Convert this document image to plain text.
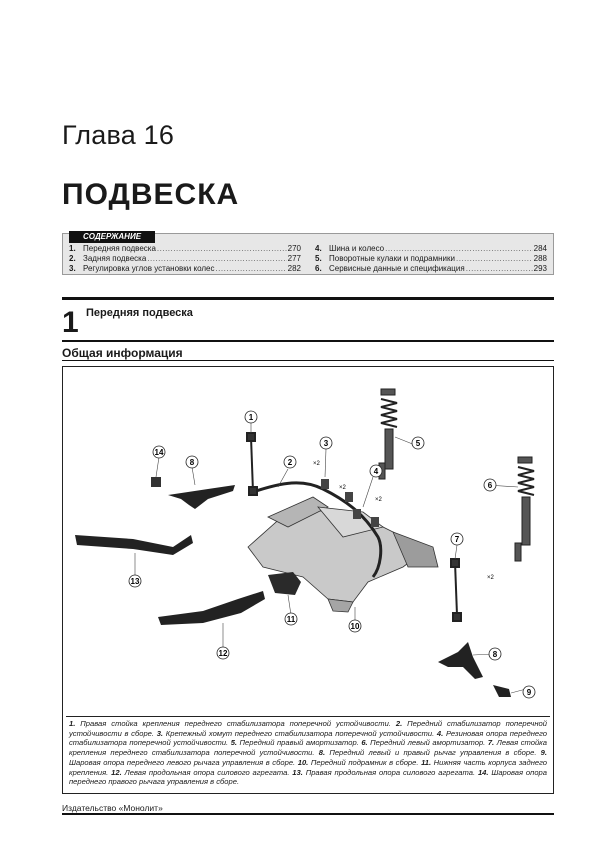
Глава 16
ПОДВЕСКА
СОДЕРЖАНИЕ
1. Передняя подвеска .....	270
2. Задняя подвеска .....	277
3. Регулировка углов установки колес .....	282
4. Шина и колесо .....	284
5. Поворотные кулаки и подрамники .....	288
6. Сервисные данные и спецификация .....	293
1 Передняя подвеска
Общая информация
1
2
3
4
5
6
7
8
8
9
10
11
12
13
14
×2
×2
×2
×2
1. Правая стойка крепления переднего стабилизатора поперечной устойчивости. 2. Передний стабилизатор поперечной устойчивости в сборе. 3. Крепежный хомут переднего стабилизатора поперечной устойчивости. 4. Резиновая опора переднего стабилизатора поперечной устойчивости. 5. Передний правый амортизатор. 6. Передний левый амортизатор. 7. Левая стойка крепления переднего стабилизатора поперечной устойчивости. 8. Передний левый и правый рычаг управления в сборе. 9. Шаровая опора переднего левого рычага управления в сборе. 10. Передний подрамник в сборе. 11. Нижняя часть корпуса заднего крепления. 12. Левая продольная опора силового агрегата. 13. Правая продольная опора силового агрегата. 14. Шаровая опора переднего правого рычага управления в сборе.
Издательство «Монолит»
